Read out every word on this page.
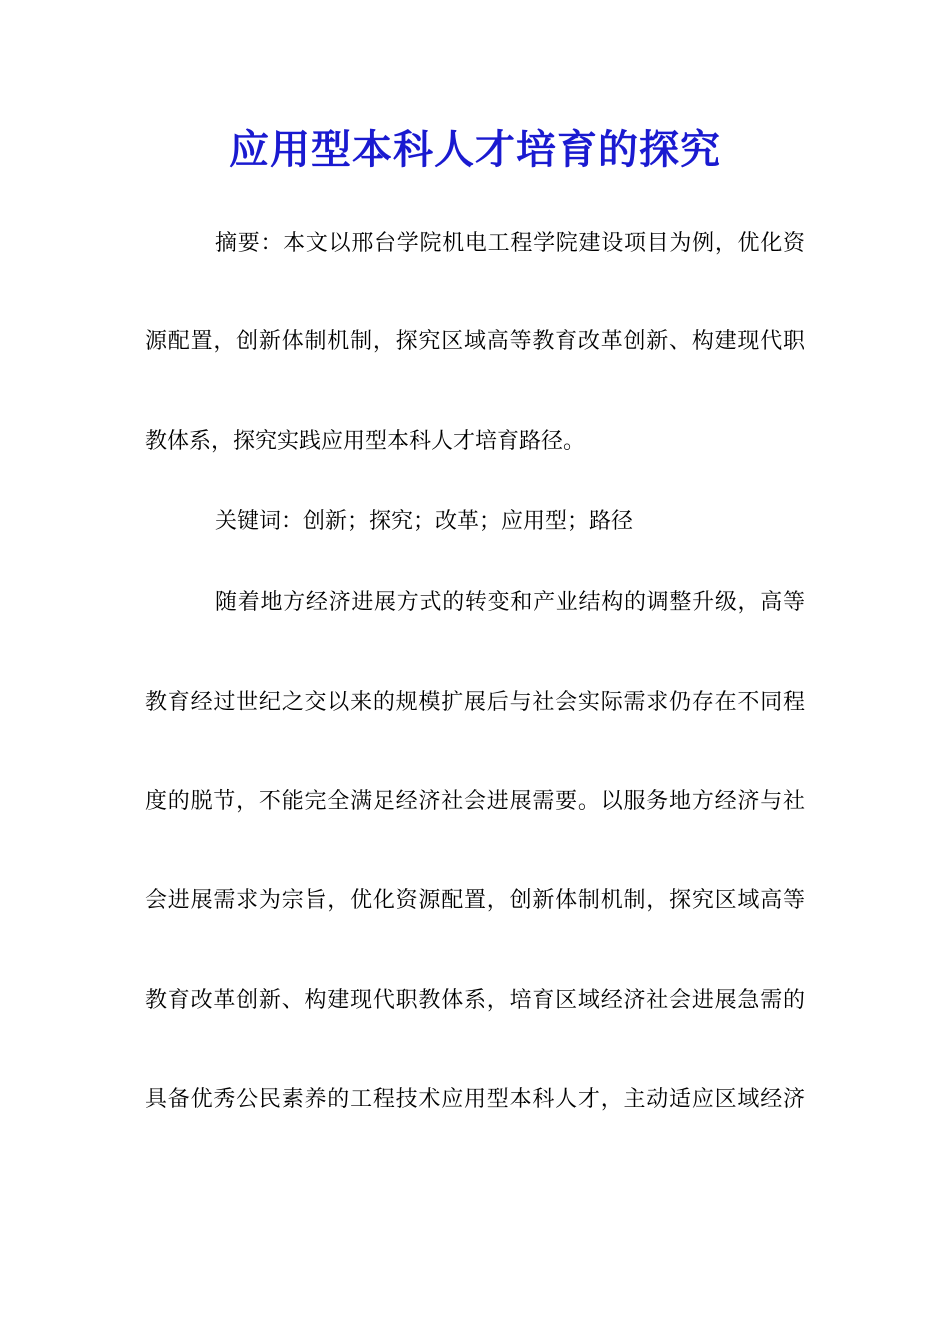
应用型本科人才培育的探究
摘要：本文以邢台学院机电工程学院建设项目为例，优化资
源配置，创新体制机制，探究区域高等教育改革创新、构建现代职
教体系，探究实践应用型本科人才培育路径。
关键词：创新；探究；改革；应用型；路径
随着地方经济进展方式的转变和产业结构的调整升级，高等
教育经过世纪之交以来的规模扩展后与社会实际需求仍存在不同程
度的脱节，不能完全满足经济社会进展需要。以服务地方经济与社
会进展需求为宗旨，优化资源配置，创新体制机制，探究区域高等
教育改革创新、构建现代职教体系，培育区域经济社会进展急需的
具备优秀公民素养的工程技术应用型本科人才，主动适应区域经济
